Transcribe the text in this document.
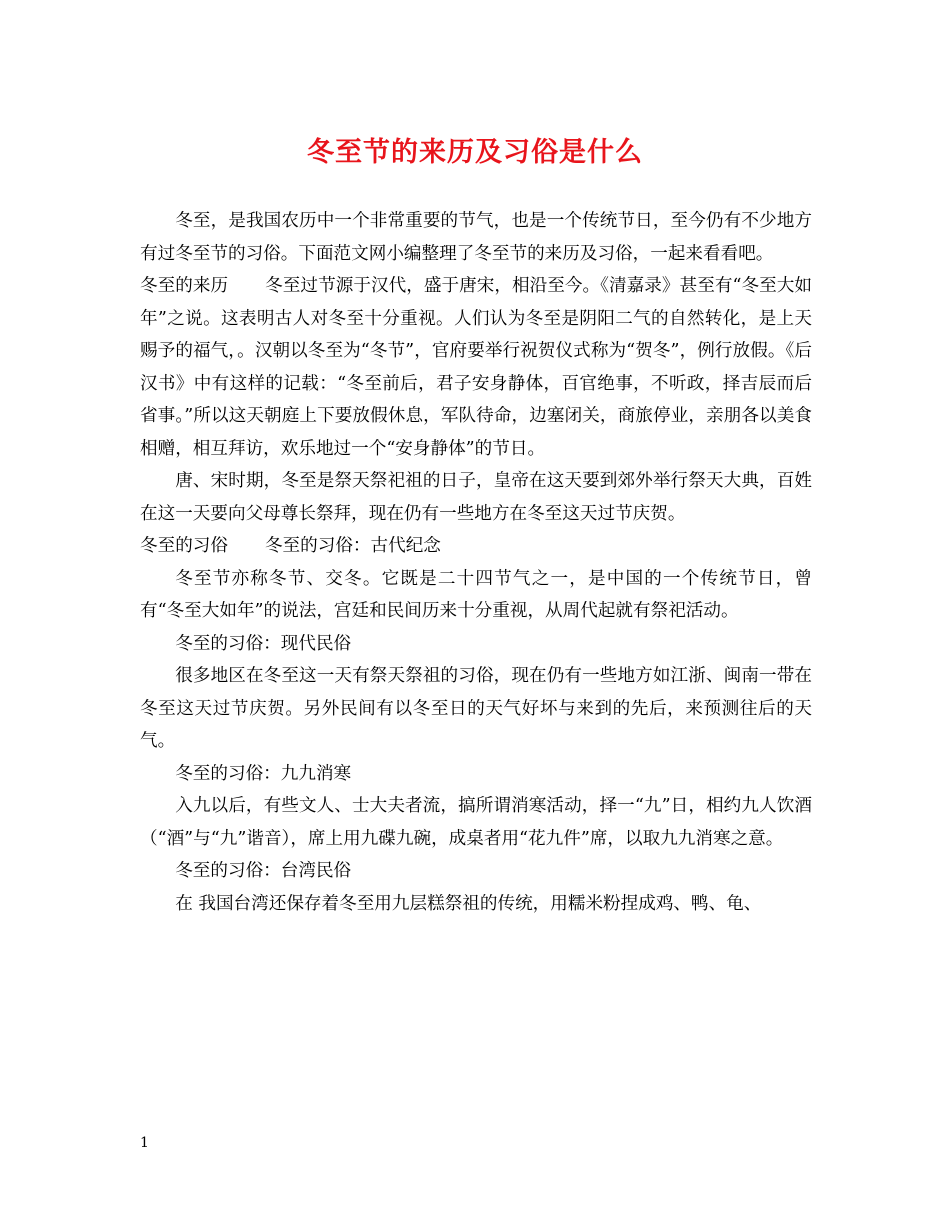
冬至节的来历及习俗是什么

冬至，是我国农历中一个非常重要的节气，也是一个传统节日，至今仍有不少地方有过冬至节的习俗。下面范文网小编整理了冬至节的来历及习俗，一起来看看吧。

冬至的来历 冬至过节源于汉代，盛于唐宋，相沿至今。《清嘉录》甚至有“冬至大如年”之说。这表明古人对冬至十分重视。人们认为冬至是阴阳二气的自然转化，是上天赐予的福气，。汉朝以冬至为“冬节”，官府要举行祝贺仪式称为“贺冬”，例行放假。《后汉书》中有这样的记载：“冬至前后，君子安身静体，百官绝事，不听政，择吉辰而后省事。”所以这天朝庭上下要放假休息，军队待命，边塞闭关，商旅停业，亲朋各以美食相赠，相互拜访，欢乐地过一个“安身静体”的节日。

唐、宋时期，冬至是祭天祭祀祖的日子，皇帝在这天要到郊外举行祭天大典，百姓在这一天要向父母尊长祭拜，现在仍有一些地方在冬至这天过节庆贺。

冬至的习俗 冬至的习俗：古代纪念

冬至节亦称冬节、交冬。它既是二十四节气之一，是中国的一个传统节日，曾有“冬至大如年”的说法，宫廷和民间历来十分重视，从周代起就有祭祀活动。

冬至的习俗：现代民俗

很多地区在冬至这一天有祭天祭祖的习俗，现在仍有一些地方如江浙、闽南一带在冬至这天过节庆贺。另外民间有以冬至日的天气好坏与来到的先后，来预测往后的天气。

冬至的习俗：九九消寒

入九以后，有些文人、士大夫者流，搞所谓消寒活动，择一“九”日，相约九人饮酒（“酒”与“九”谐音），席上用九碟九碗，成桌者用“花九件”席，以取九九消寒之意。

冬至的习俗：台湾民俗

在 我国台湾还保存着冬至用九层糕祭祖的传统，用糯米粉捏成鸡、鸭、龟、

1
